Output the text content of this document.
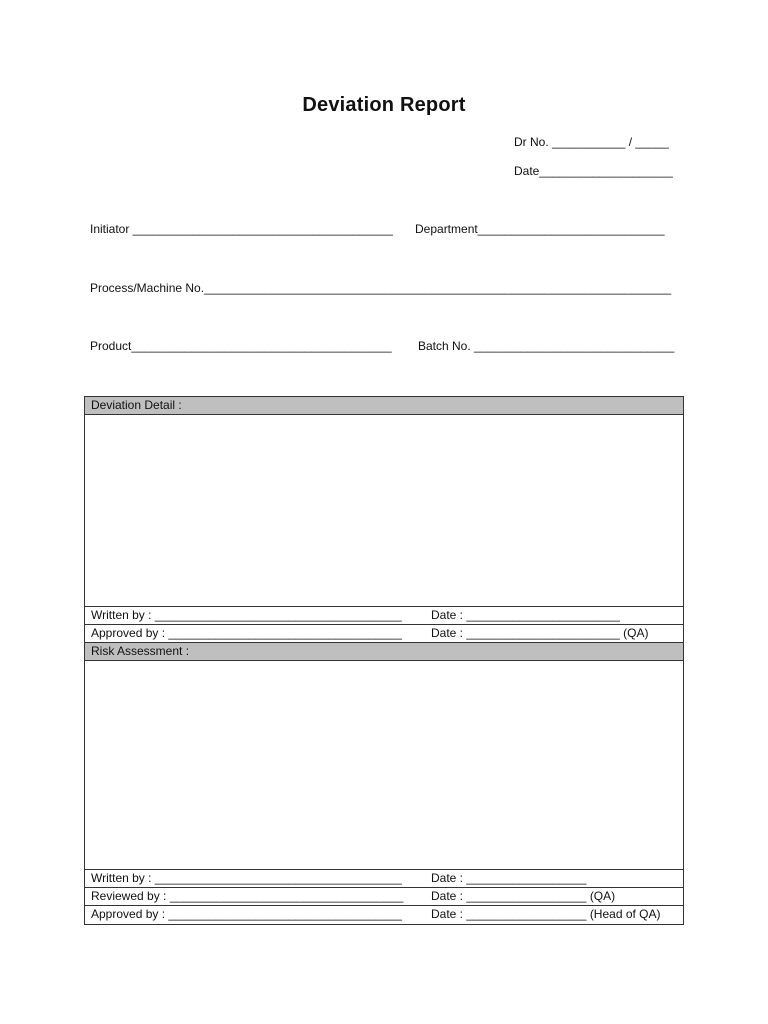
Deviation Report
Dr No. ___________ / _____
Date____________________
Initiator _______________________________________ Department____________________________
Process/Machine No.______________________________________________________________________
Product_______________________________________ Batch No. ______________________________
Deviation Detail :
Written by : _____________________________________ Date : _______________________
Approved by : ___________________________________ Date : _______________________ (QA)
Risk Assessment :
Written by : _____________________________________ Date : __________________
Reviewed by : ___________________________________ Date : __________________ (QA)
Approved by : ___________________________________ Date : __________________ (Head of QA)
